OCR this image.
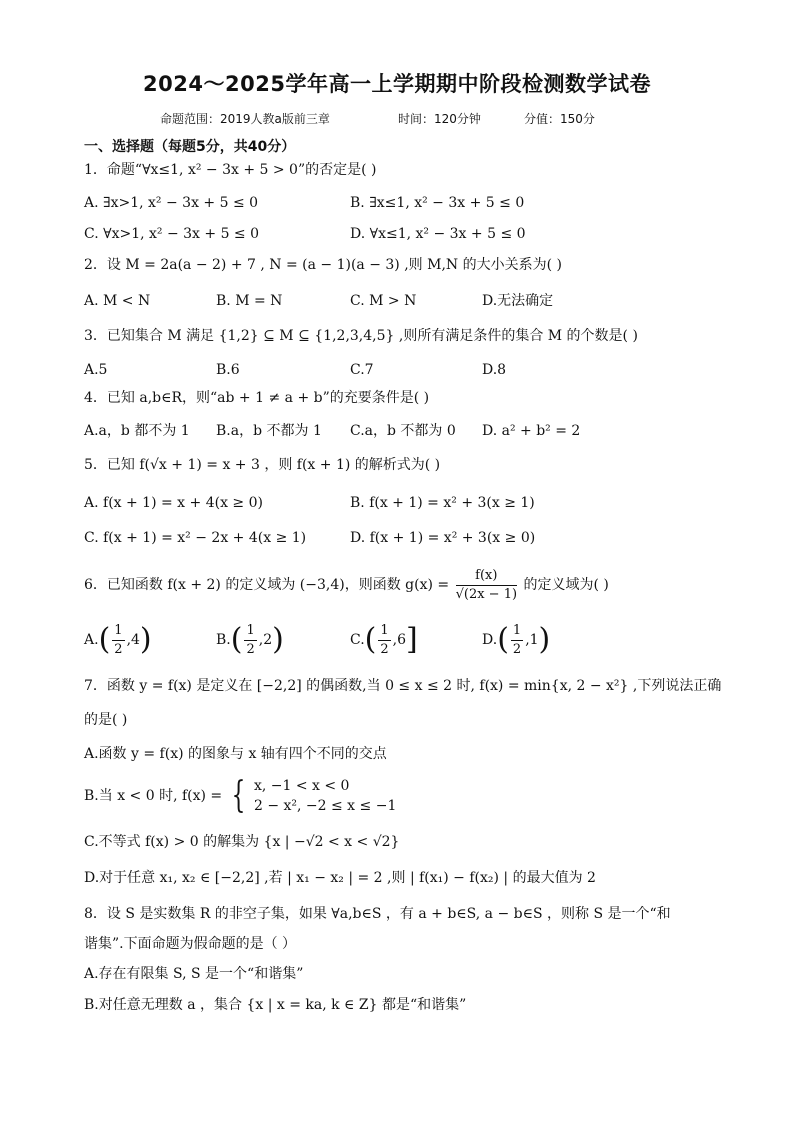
2024～2025学年高一上学期期中阶段检测数学试卷
命题范围：2019人教a版前三章	时间：120分钟	分值：150分
一、选择题（每题5分，共40分）
1．命题“∀x≤1, x² − 3x + 5 > 0”的否定是( )
A. ∃x>1, x² − 3x + 5 ≤ 0	B. ∃x≤1, x² − 3x + 5 ≤ 0
C. ∀x>1, x² − 3x + 5 ≤ 0	D. ∀x≤1, x² − 3x + 5 ≤ 0
2．设 M = 2a(a − 2) + 7 , N = (a − 1)(a − 3) ,则 M,N 的大小关系为( )
A. M < N	B. M = N	C. M > N	D.无法确定
3．已知集合 M 满足 {1,2} ⊆ M ⊆ {1,2,3,4,5} ,则所有满足条件的集合 M 的个数是( )
A.5	B.6	C.7	D.8
4．已知 a,b∈R，则“ab + 1 ≠ a + b”的充要条件是( )
A.a，b 都不为 1 B.a，b 不都为 1 C.a，b 不都为 0 D. a² + b² = 2
5．已知 f(√x + 1) = x + 3 ，则 f(x + 1) 的解析式为( )
A. f(x + 1) = x + 4(x ≥ 0)	B. f(x + 1) = x² + 3(x ≥ 1)
C. f(x + 1) = x² − 2x + 4(x ≥ 1)	D. f(x + 1) = x² + 3(x ≥ 0)
6．已知函数 f(x + 2) 的定义域为 (−3,4)，则函数 $g(x) = \frac{f(x)}{√(2x - 1)}$ 的定义域为( )
$A.( \frac{1}{2} ,4)$	$B.( \frac{1}{2} ,2)$	$C.( \frac{1}{2} ,6]$	$D.( \frac{1}{2} ,1)$
7．函数 y = f(x) 是定义在 [−2,2] 的偶函数,当 0 ≤ x ≤ 2 时, f(x) = min{x, 2 − x²} ,下列说法正确
的是( )
A.函数 y = f(x) 的图象与 x 轴有四个不同的交点
B.当 x < 0 时, f(x) = { x, −1 < x < 0
2 − x², −2 ≤ x ≤ −1
C.不等式 f(x) > 0 的解集为 {x | −√2 < x < √2}
D.对于任意 x₁, x₂ ∈ [−2,2] ,若 | x₁ − x₂ | = 2 ,则 | f(x₁) − f(x₂) | 的最大值为 2
8．设 S 是实数集 R 的非空子集，如果 ∀a,b∈S ，有 a + b∈S, a − b∈S ，则称 S 是一个“和
谐集”.下面命题为假命题的是（ ）
A.存在有限集 S, S 是一个“和谐集”
B.对任意无理数 a ，集合 {x | x = ka, k ∈ Z} 都是“和谐集”
